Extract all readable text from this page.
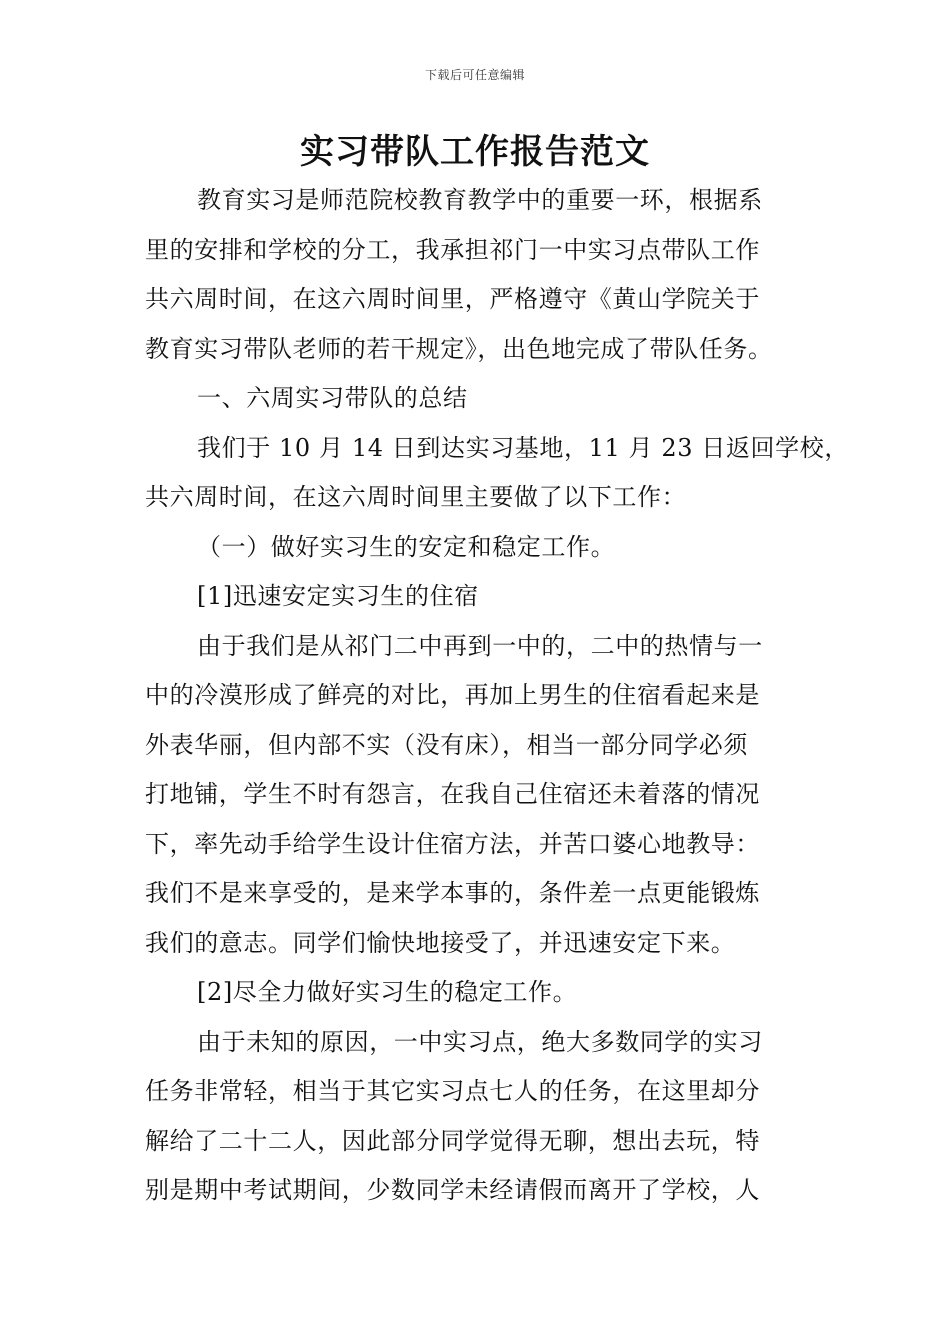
下载后可任意编辑
实习带队工作报告范文
教育实习是师范院校教育教学中的重要一环，根据系
里的安排和学校的分工，我承担祁门一中实习点带队工作
共六周时间，在这六周时间里，严格遵守《黄山学院关于
教育实习带队老师的若干规定》，出色地完成了带队任务。
一、六周实习带队的总结
我们于 10 月 14 日到达实习基地，11 月 23 日返回学校，
共六周时间，在这六周时间里主要做了以下工作：
（一）做好实习生的安定和稳定工作。
[1]迅速安定实习生的住宿
由于我们是从祁门二中再到一中的，二中的热情与一
中的冷漠形成了鲜亮的对比，再加上男生的住宿看起来是
外表华丽，但内部不实（没有床），相当一部分同学必须
打地铺，学生不时有怨言，在我自己住宿还未着落的情况
下，率先动手给学生设计住宿方法，并苦口婆心地教导：
我们不是来享受的，是来学本事的，条件差一点更能锻炼
我们的意志。同学们愉快地接受了，并迅速安定下来。
[2]尽全力做好实习生的稳定工作。
由于未知的原因，一中实习点，绝大多数同学的实习
任务非常轻，相当于其它实习点七人的任务，在这里却分
解给了二十二人，因此部分同学觉得无聊，想出去玩，特
别是期中考试期间，少数同学未经请假而离开了学校，人
